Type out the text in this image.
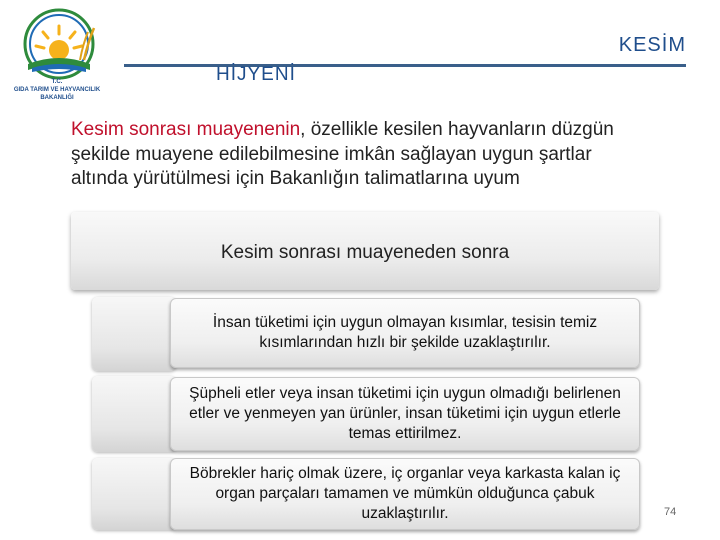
T.C.
GIDA TARIM VE HAYVANCILIK
BAKANLIĞI
KESİM
HİJYENİ
Kesim sonrası muayenenin, özellikle kesilen hayvanların düzgün şekilde muayene edilebilmesine imkân sağlayan uygun şartlar altında yürütülmesi için Bakanlığın talimatlarına uyum
Kesim sonrası muayeneden sonra
İnsan tüketimi için uygun olmayan kısımlar, tesisin temiz kısımlarından hızlı bir şekilde uzaklaştırılır.
Şüpheli etler veya insan tüketimi için uygun olmadığı belirlenen etler ve yenmeyen yan ürünler, insan tüketimi için uygun etlerle temas ettirilmez.
Böbrekler hariç olmak üzere, iç organlar veya karkasta kalan iç organ parçaları tamamen ve mümkün olduğunca çabuk uzaklaştırılır.	74
